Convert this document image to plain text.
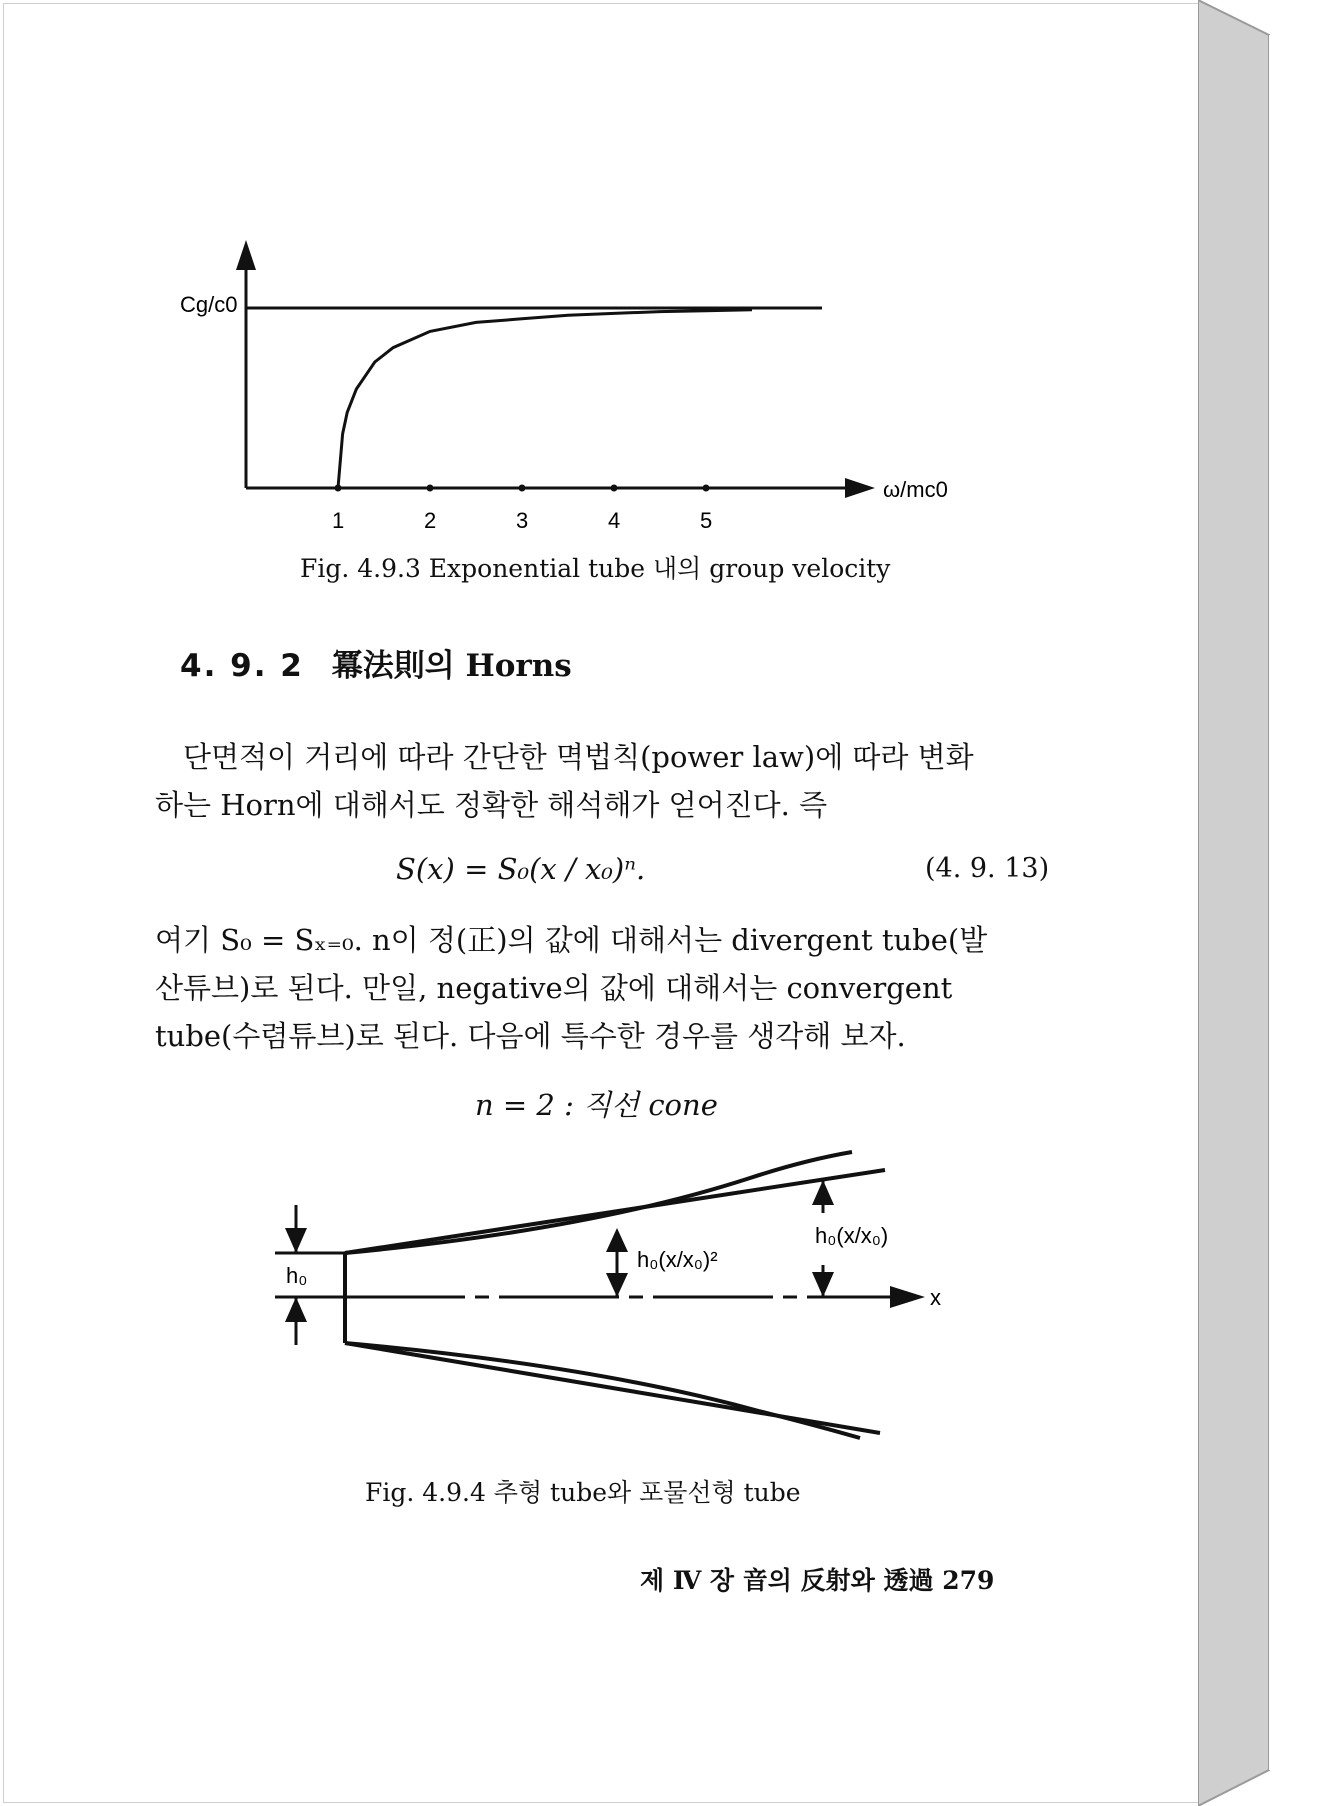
1	2	3	4	5
Cg/c0
ω/mc0
Fig. 4.9.3 Exponential tube 내의 group velocity
4. 9. 2 冪法則의 Horns
단면적이 거리에 따라 간단한 멱법칙(power law)에 따라 변화
하는 Horn에 대해서도 정확한 해석해가 얻어진다. 즉
S(x) = S₀(x / x₀)ⁿ.	(4. 9. 13)
여기 S₀ = Sₓ₌₀. n이 정(正)의 값에 대해서는 divergent tube(발
산튜브)로 된다. 만일, negative의 값에 대해서는 convergent
tube(수렴튜브)로 된다. 다음에 특수한 경우를 생각해 보자.
n = 2 : 직선 cone
h₀
x
h₀(x/x₀)²
h₀(x/x₀)
Fig. 4.9.4 추형 tube와 포물선형 tube
제 Ⅳ 장 音의 反射와 透過 279
